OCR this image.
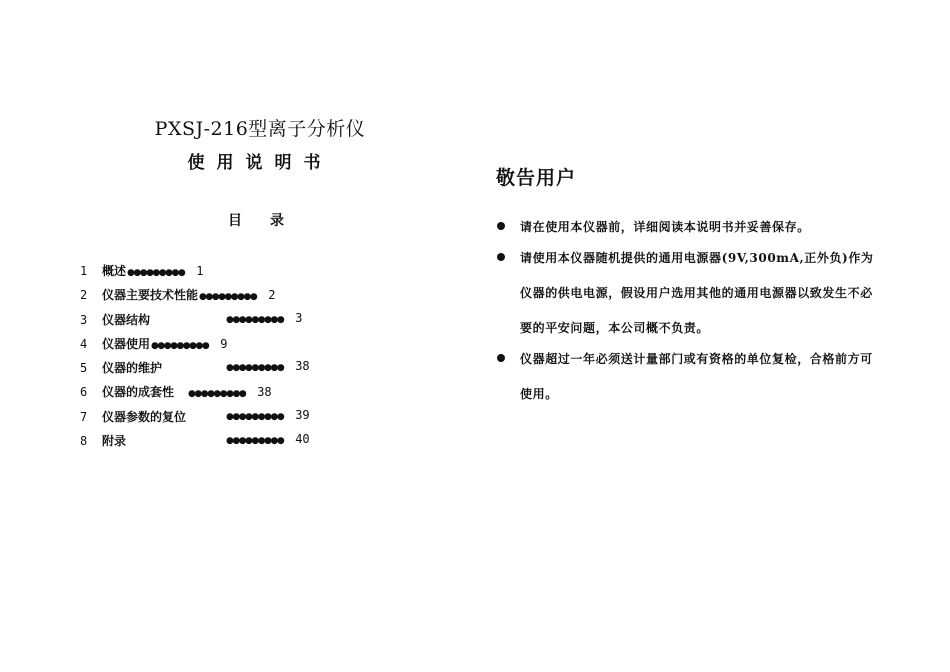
PXSJ-216型离子分析仪
使用说明书
目录
1 概述●●●●●●●●● 1
2 仪器主要技术性能●●●●●●●●● 2
3 仪器结构	●●●●●●●●● 3
4 仪器使用●●●●●●●●● 9
5 仪器的维护	●●●●●●●●● 38
6 仪器的成套性 ●●●●●●●●● 38
7 仪器参数的复位	●●●●●●●●● 39
8 附录	●●●●●●●●● 40
敬告用户
请在使用本仪器前，详细阅读本说明书并妥善保存。
请使用本仪器随机提供的通用电源器(9V,300mA,正外负)作为仪器的供电电源，假设用户选用其他的通用电源器以致发生不必要的平安问题，本公司概不负责。
仪器超过一年必须送计量部门或有资格的单位复检，合格前方可使用。
